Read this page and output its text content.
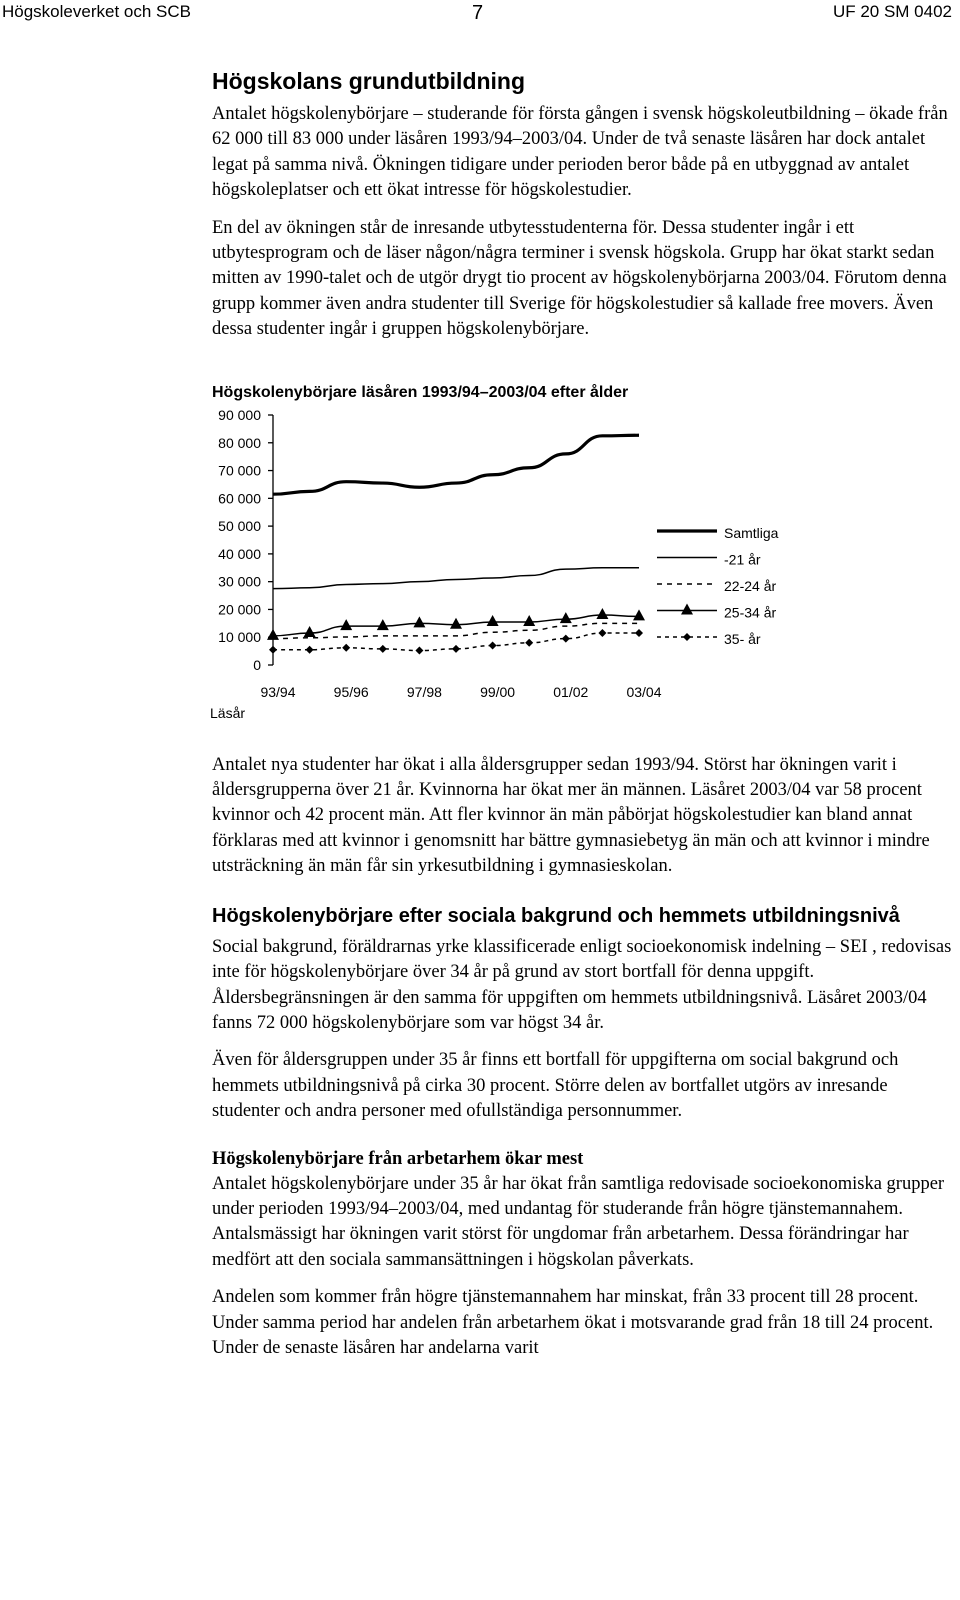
Högskoleverket och SCB	7	UF 20 SM 0402
Högskolans grundutbildning

Antalet högskolenybörjare – studerande för första gången i svensk högskoleutbildning – ökade från 62 000 till 83 000 under läsåren 1993/94–2003/04. Under de två senaste läsåren har dock antalet legat på samma nivå. Ökningen tidigare under perioden beror både på en utbyggnad av antalet högskoleplatser och ett ökat intresse för högskolestudier.

En del av ökningen står de inresande utbytesstudenterna för. Dessa studenter ingår i ett utbytesprogram och de läser någon/några terminer i svensk högskola. Grupp har ökat starkt sedan mitten av 1990-talet och de utgör drygt tio procent av högskolenybörjarna 2003/04. Förutom denna grupp kommer även andra studenter till Sverige för högskolestudier så kallade free movers. Även dessa studenter ingår i gruppen högskolenybörjare.

Högskolenybörjare läsåren 1993/94–2003/04 efter ålder
0
10 000
20 000
30 000
40 000
50 000
60 000
70 000
80 000
90 000
93/94	95/96	97/98	99/00	01/02	03/04
Läsår
Samtliga
-21 år
22-24 år
25-34 år
35- år

Antalet nya studenter har ökat i alla åldersgrupper sedan 1993/94. Störst har ökningen varit i åldersgrupperna över 21 år. Kvinnorna har ökat mer än männen. Läsåret 2003/04 var 58 procent kvinnor och 42 procent män. Att fler kvinnor än män påbörjat högskolestudier kan bland annat förklaras med att kvinnor i genomsnitt har bättre gymnasiebetyg än män och att kvinnor i mindre utsträckning än män får sin yrkesutbildning i gymnasieskolan.

Högskolenybörjare efter sociala bakgrund och hemmets utbildningsnivå

Social bakgrund, föräldrarnas yrke klassificerade enligt socioekonomisk indelning – SEI , redovisas inte för högskolenybörjare över 34 år på grund av stort bortfall för denna uppgift. Åldersbegränsningen är den samma för uppgiften om hemmets utbildningsnivå. Läsåret 2003/04 fanns 72 000 högskolenybörjare som var högst 34 år.

Även för åldersgruppen under 35 år finns ett bortfall för uppgifterna om social bakgrund och hemmets utbildningsnivå på cirka 30 procent. Större delen av bortfallet utgörs av inresande studenter och andra personer med ofullständiga personnummer.

Högskolenybörjare från arbetarhem ökar mest

Antalet högskolenybörjare under 35 år har ökat från samtliga redovisade socioekonomiska grupper under perioden 1993/94–2003/04, med undantag för studerande från högre tjänstemannahem. Antalsmässigt har ökningen varit störst för ungdomar från arbetarhem. Dessa förändringar har medfört att den sociala sammansättningen i högskolan påverkats.

Andelen som kommer från högre tjänstemannahem har minskat, från 33 procent till 28 procent. Under samma period har andelen från arbetarhem ökat i motsvarande grad från 18 till 24 procent. Under de senaste läsåren har andelarna varit
